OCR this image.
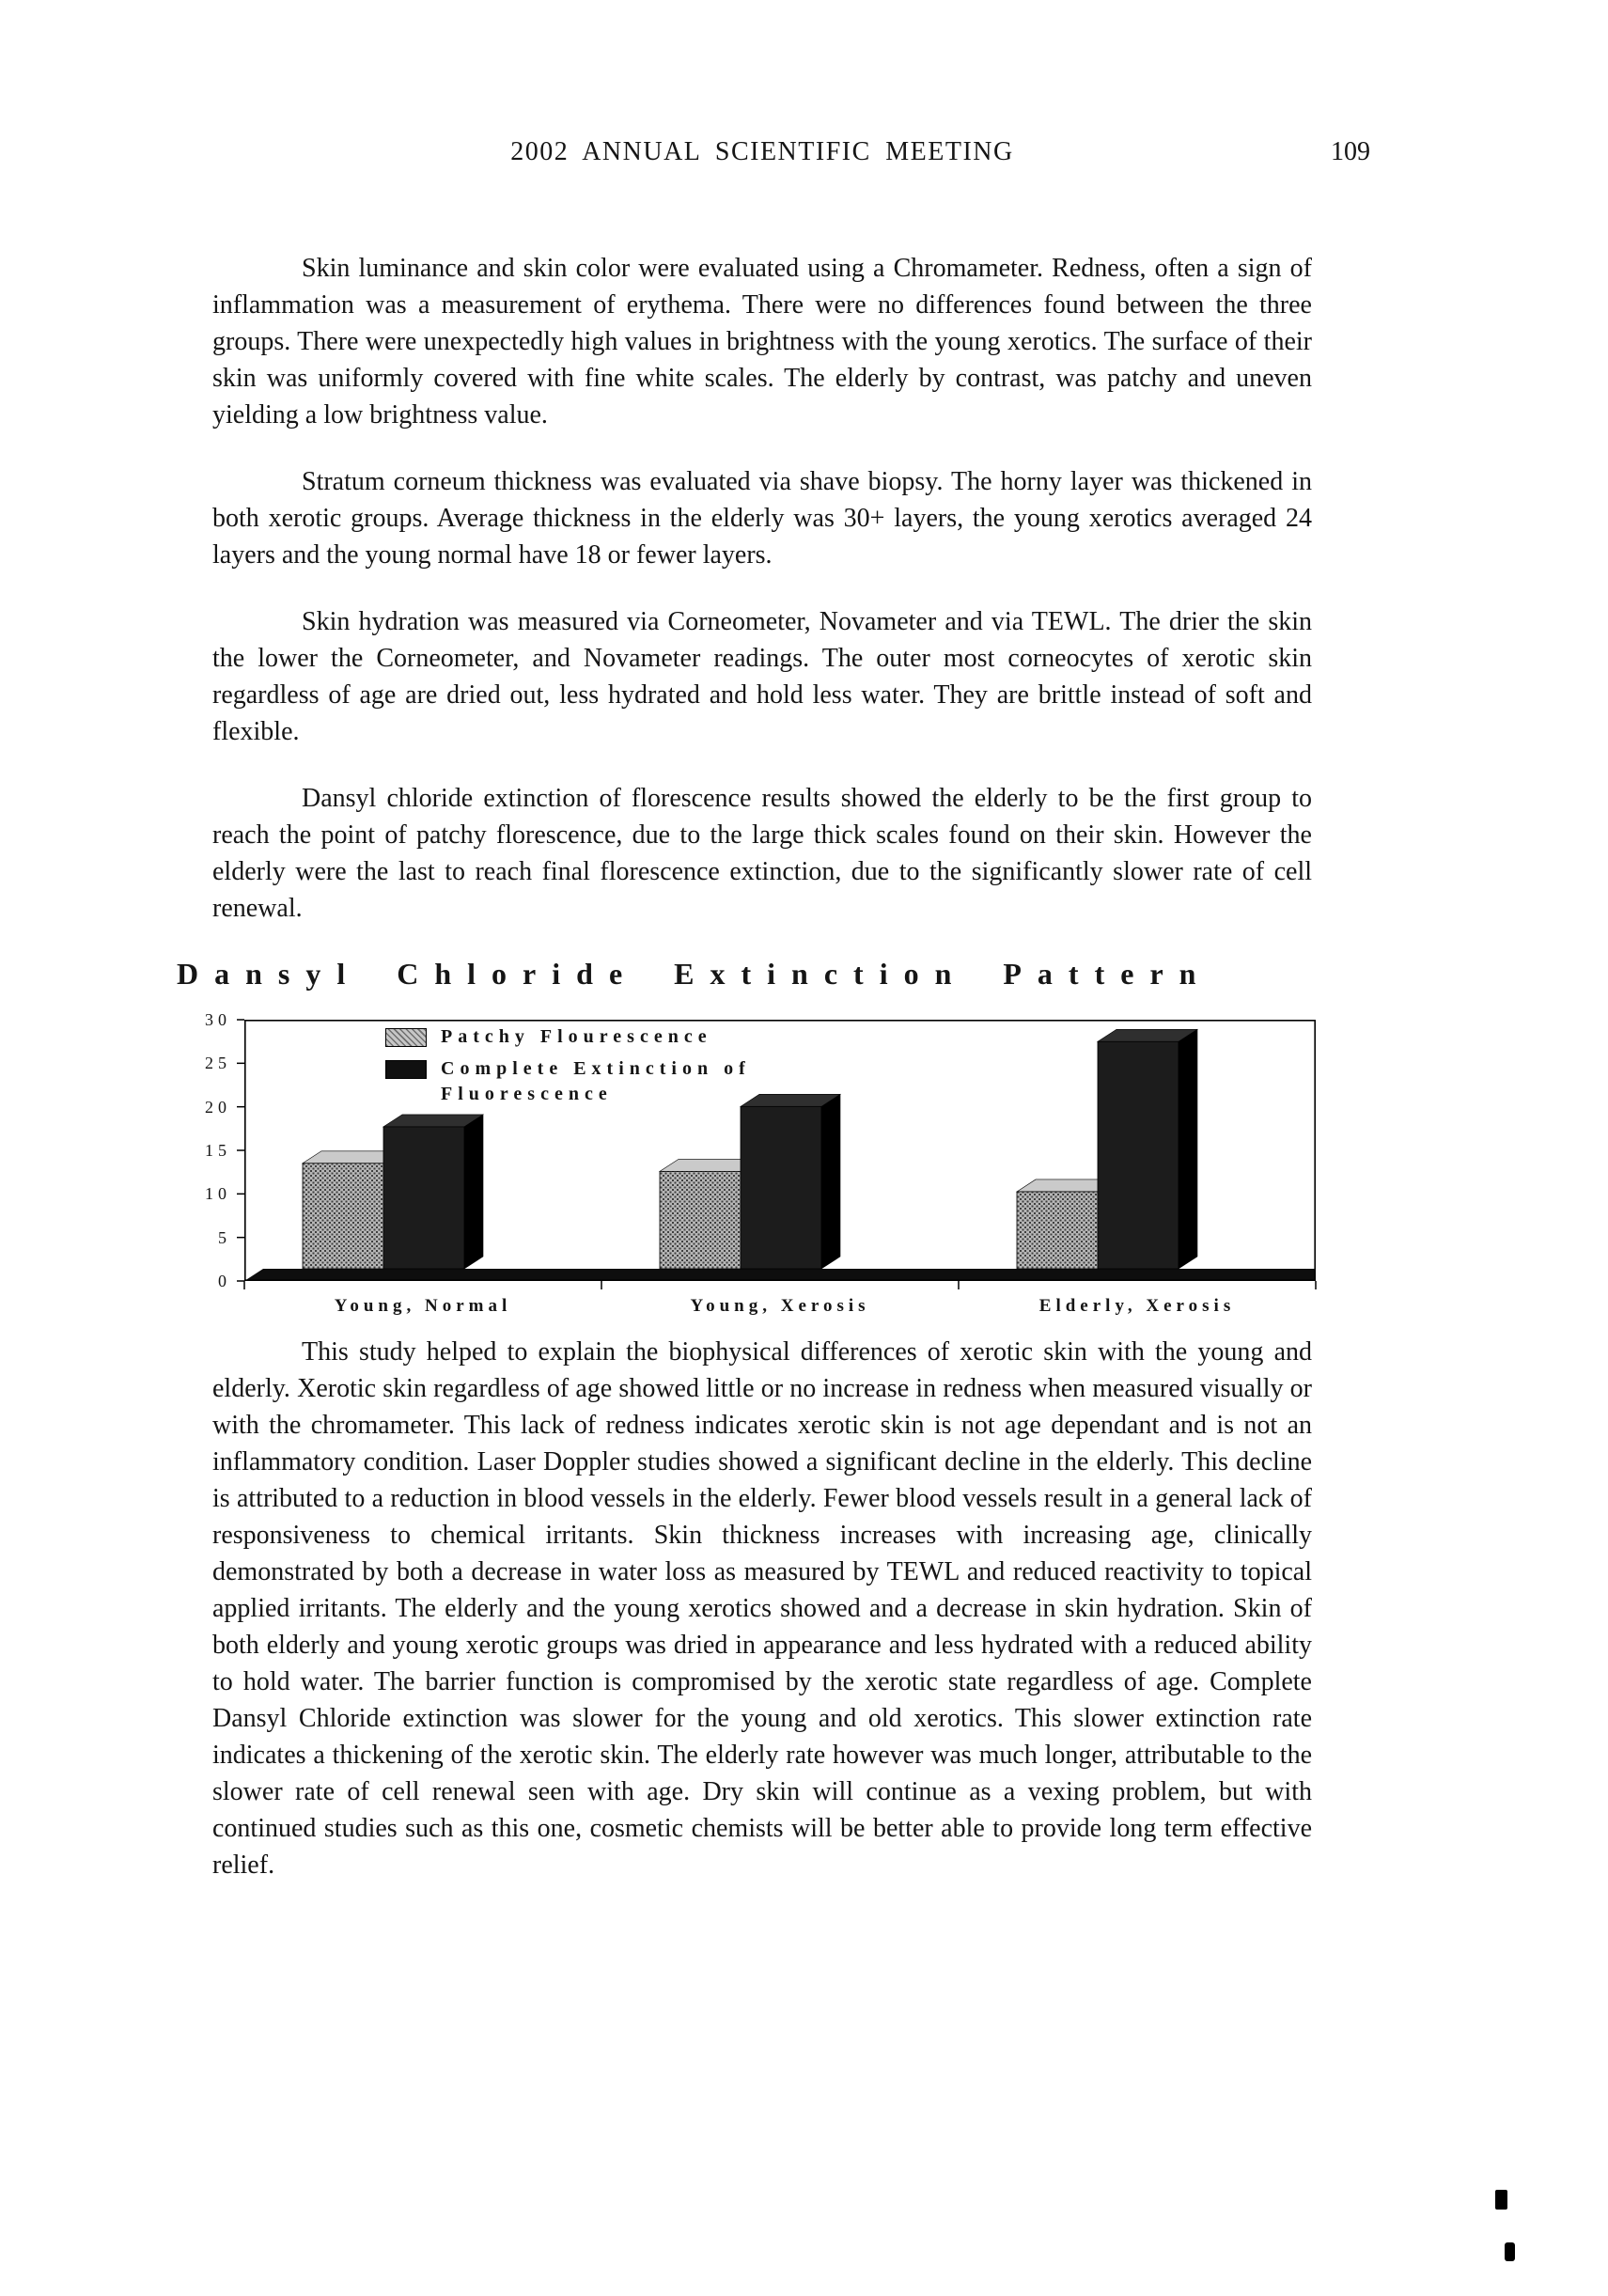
2002 ANNUAL SCIENTIFIC MEETING	109

Skin luminance and skin color were evaluated using a Chromameter. Redness, often a sign of inflammation was a measurement of erythema. There were no differences found between the three groups. There were unexpectedly high values in brightness with the young xerotics. The surface of their skin was uniformly covered with fine white scales. The elderly by contrast, was patchy and uneven yielding a low brightness value.

Stratum corneum thickness was evaluated via shave biopsy. The horny layer was thickened in both xerotic groups. Average thickness in the elderly was 30+ layers, the young xerotics averaged 24 layers and the young normal have 18 or fewer layers.

Skin hydration was measured via Corneometer, Novameter and via TEWL. The drier the skin the lower the Corneometer, and Novameter readings. The outer most corneocytes of xerotic skin regardless of age are dried out, less hydrated and hold less water. They are brittle instead of soft and flexible.

Dansyl chloride extinction of florescence results showed the elderly to be the first group to reach the point of patchy florescence, due to the large thick scales found on their skin. However the elderly were the last to reach final florescence extinction, due to the significantly slower rate of cell renewal.

Dansyl Chloride Extinction Pattern
30
25
20
15
10
5
0
Patchy Flourescence
Complete Extinction of Fluorescence
Young, Normal	Young, Xerosis	Elderly, Xerosis

This study helped to explain the biophysical differences of xerotic skin with the young and elderly. Xerotic skin regardless of age showed little or no increase in redness when measured visually or with the chromameter. This lack of redness indicates xerotic skin is not age dependant and is not an inflammatory condition. Laser Doppler studies showed a significant decline in the elderly. This decline is attributed to a reduction in blood vessels in the elderly. Fewer blood vessels result in a general lack of responsiveness to chemical irritants. Skin thickness increases with increasing age, clinically demonstrated by both a decrease in water loss as measured by TEWL and reduced reactivity to topical applied irritants. The elderly and the young xerotics showed and a decrease in skin hydration. Skin of both elderly and young xerotic groups was dried in appearance and less hydrated with a reduced ability to hold water. The barrier function is compromised by the xerotic state regardless of age. Complete Dansyl Chloride extinction was slower for the young and old xerotics. This slower extinction rate indicates a thickening of the xerotic skin. The elderly rate however was much longer, attributable to the slower rate of cell renewal seen with age. Dry skin will continue as a vexing problem, but with continued studies such as this one, cosmetic chemists will be better able to provide long term effective relief.
